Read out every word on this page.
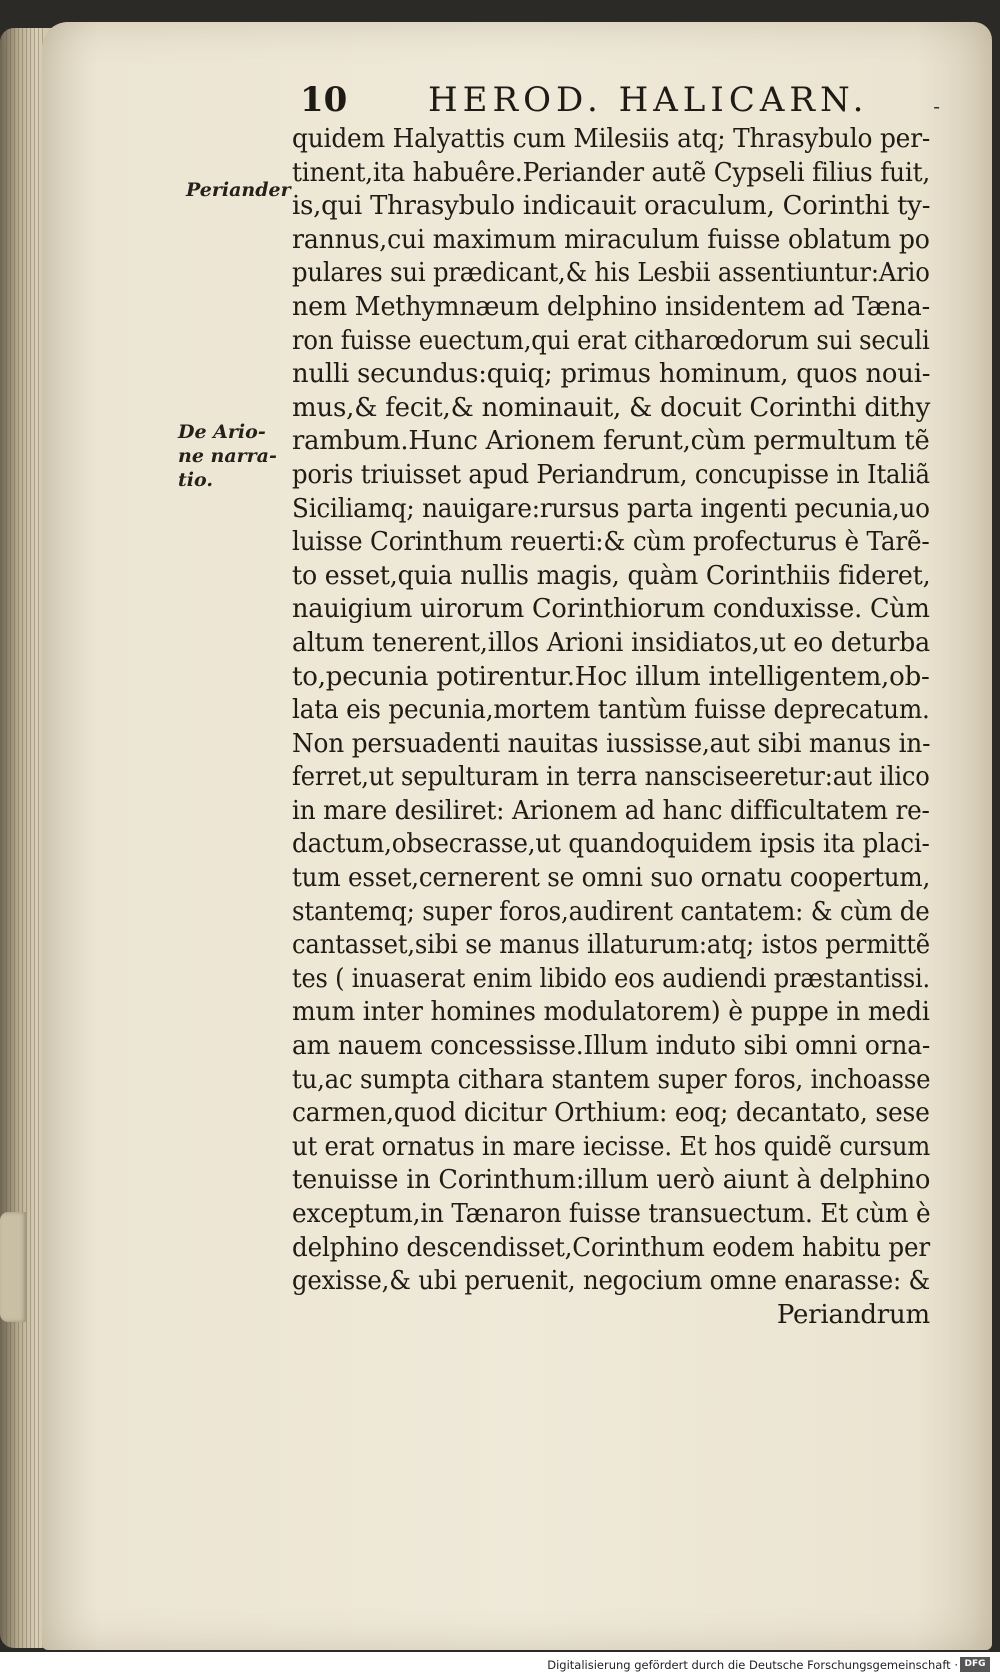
10 HEROD. HALICARN.	-
Periander
De Ario-
ne narra-
tio.
quidem Halyattis cum Milesiis atq; Thrasybulo per-
tinent,ita habuêre.Periander autẽ Cypseli filius fuit,
is,qui Thrasybulo indicauit oraculum, Corinthi ty-
rannus,cui maximum miraculum fuisse oblatum po
pulares sui prædicant,& his Lesbii assentiuntur:Ario
nem Methymnæum delphino insidentem ad Tæna-
ron fuisse euectum,qui erat citharœdorum sui seculi
nulli secundus:quiq; primus hominum, quos noui-
mus,& fecit,& nominauit, & docuit Corinthi dithy
rambum.Hunc Arionem ferunt,cùm permultum tẽ
poris triuisset apud Periandrum, concupisse in Italiã
Siciliamq; nauigare:rursus parta ingenti pecunia,uo
luisse Corinthum reuerti:& cùm profecturus è Tarẽ-
to esset,quia nullis magis, quàm Corinthiis fideret,
nauigium uirorum Corinthiorum conduxisse. Cùm
altum tenerent,illos Arioni insidiatos,ut eo deturba
to,pecunia potirentur.Hoc illum intelligentem,ob-
lata eis pecunia,mortem tantùm fuisse deprecatum.
Non persuadenti nauitas iussisse,aut sibi manus in-
ferret,ut sepulturam in terra nansciseeretur:aut ilico
in mare desiliret: Arionem ad hanc difficultatem re-
dactum,obsecrasse,ut quandoquidem ipsis ita placi-
tum esset,cernerent se omni suo ornatu coopertum,
stantemq; super foros,audirent cantatem: & cùm de
cantasset,sibi se manus illaturum:atq; istos permittẽ
tes ( inuaserat enim libido eos audiendi præstantissi.
mum inter homines modulatorem) è puppe in medi
am nauem concessisse.Illum induto sibi omni orna-
tu,ac sumpta cithara stantem super foros, inchoasse
carmen,quod dicitur Orthium: eoq; decantato, sese
ut erat ornatus in mare iecisse. Et hos quidẽ cursum
tenuisse in Corinthum:illum uerò aiunt à delphino
exceptum,in Tænaron fuisse transuectum. Et cùm è
delphino descendisset,Corinthum eodem habitu per
gexisse,& ubi peruenit, negocium omne enarasse: &
Periandrum
Digitalisierung gefördert durch die Deutsche Forschungsgemeinschaft · DFG
